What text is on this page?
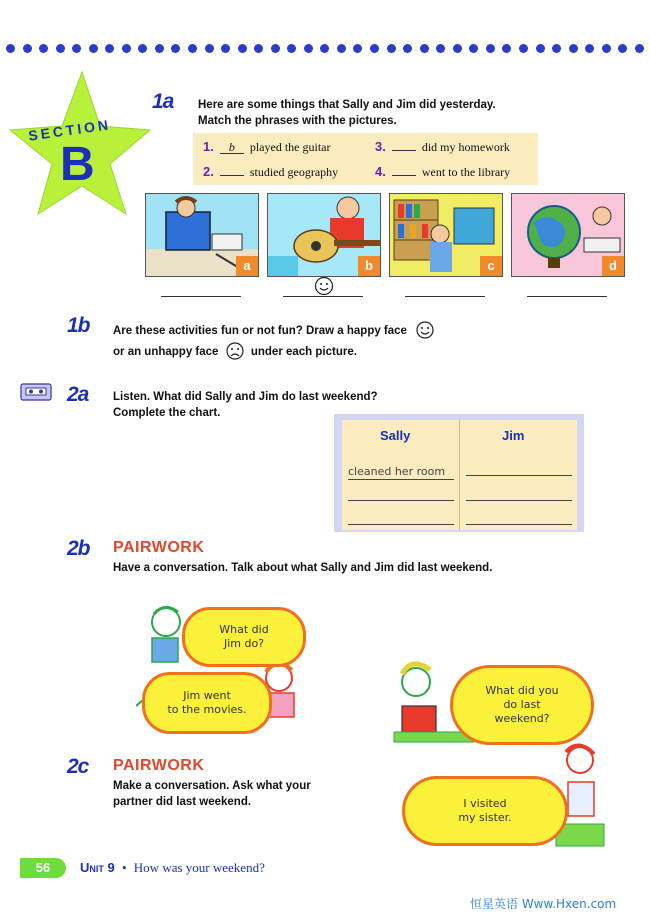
SECTION
B
1a Here are some things that Sally and Jim did yesterday.
Match the phrases with the pictures.
1. b played the guitar
2.	studied geography
3.	did my homework
4.	went to the library
a	b	c	d
1b Are these activities fun or not fun? Draw a happy face
or an unhappy face	under each picture.
2a Listen. What did Sally and Jim do last weekend?
Complete the chart.
Sally	Jim
cleaned her room
2b PAIRWORK
Have a conversation. Talk about what Sally and Jim did last weekend.
What did
Jim do?
Jim went
to the movies.
What did you
do last
weekend?
I visited
my sister.
2c PAIRWORK
Make a conversation. Ask what your
partner did last weekend.
56	Unit 9 • How was your weekend?
恒星英语 Www.Hxen.com
